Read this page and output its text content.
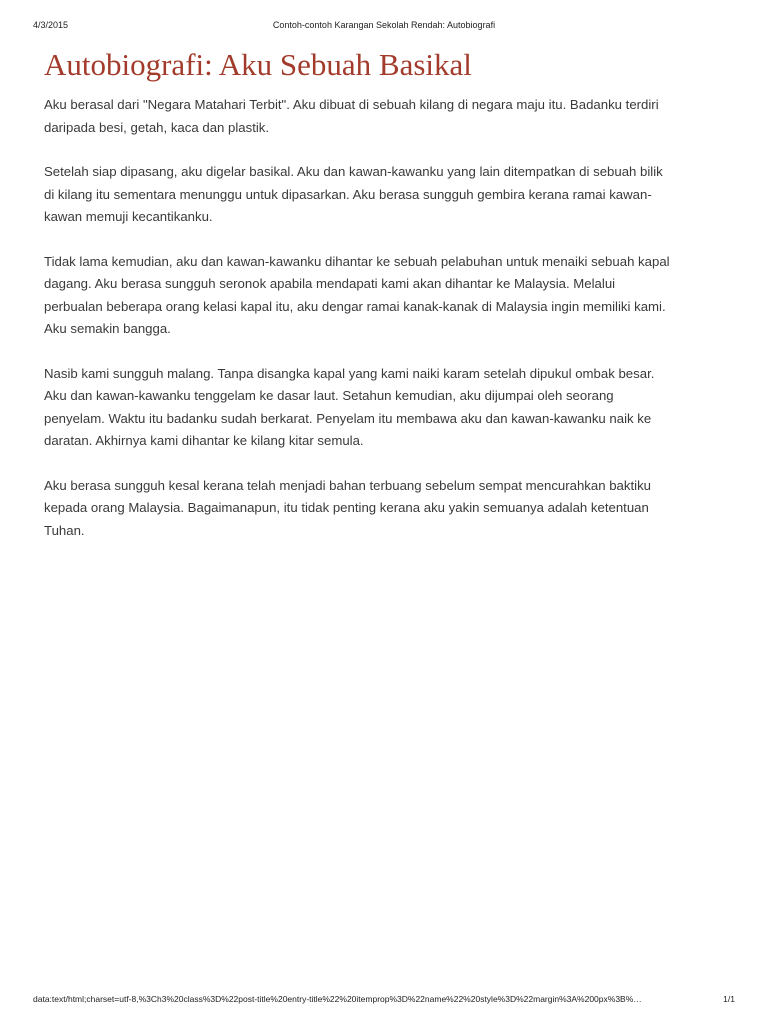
4/3/2015	Contoh-contoh Karangan Sekolah Rendah: Autobiografi
Autobiografi: Aku Sebuah Basikal

Aku berasal dari "Negara Matahari Terbit". Aku dibuat di sebuah kilang di negara maju itu. Badanku terdiri daripada besi, getah, kaca dan plastik.

Setelah siap dipasang, aku digelar basikal. Aku dan kawan-kawanku yang lain ditempatkan di sebuah bilik di kilang itu sementara menunggu untuk dipasarkan. Aku berasa sungguh gembira kerana ramai kawan-kawan memuji kecantikanku.

Tidak lama kemudian, aku dan kawan-kawanku dihantar ke sebuah pelabuhan untuk menaiki sebuah kapal dagang. Aku berasa sungguh seronok apabila mendapati kami akan dihantar ke Malaysia. Melalui perbualan beberapa orang kelasi kapal itu, aku dengar ramai kanak-kanak di Malaysia ingin memiliki kami. Aku semakin bangga.

Nasib kami sungguh malang. Tanpa disangka kapal yang kami naiki karam setelah dipukul ombak besar. Aku dan kawan-kawanku tenggelam ke dasar laut. Setahun kemudian, aku dijumpai oleh seorang penyelam. Waktu itu badanku sudah berkarat. Penyelam itu membawa aku dan kawan-kawanku naik ke daratan. Akhirnya kami dihantar ke kilang kitar semula.

Aku berasa sungguh kesal kerana telah menjadi bahan terbuang sebelum sempat mencurahkan baktiku kepada orang Malaysia. Bagaimanapun, itu tidak penting kerana aku yakin semuanya adalah ketentuan Tuhan.

data:text/html;charset=utf-8,%3Ch3%20class%3D%22post-title%20entry-title%22%20itemprop%3D%22name%22%20style%3D%22margin%3A%200px%3B%…	1/1
